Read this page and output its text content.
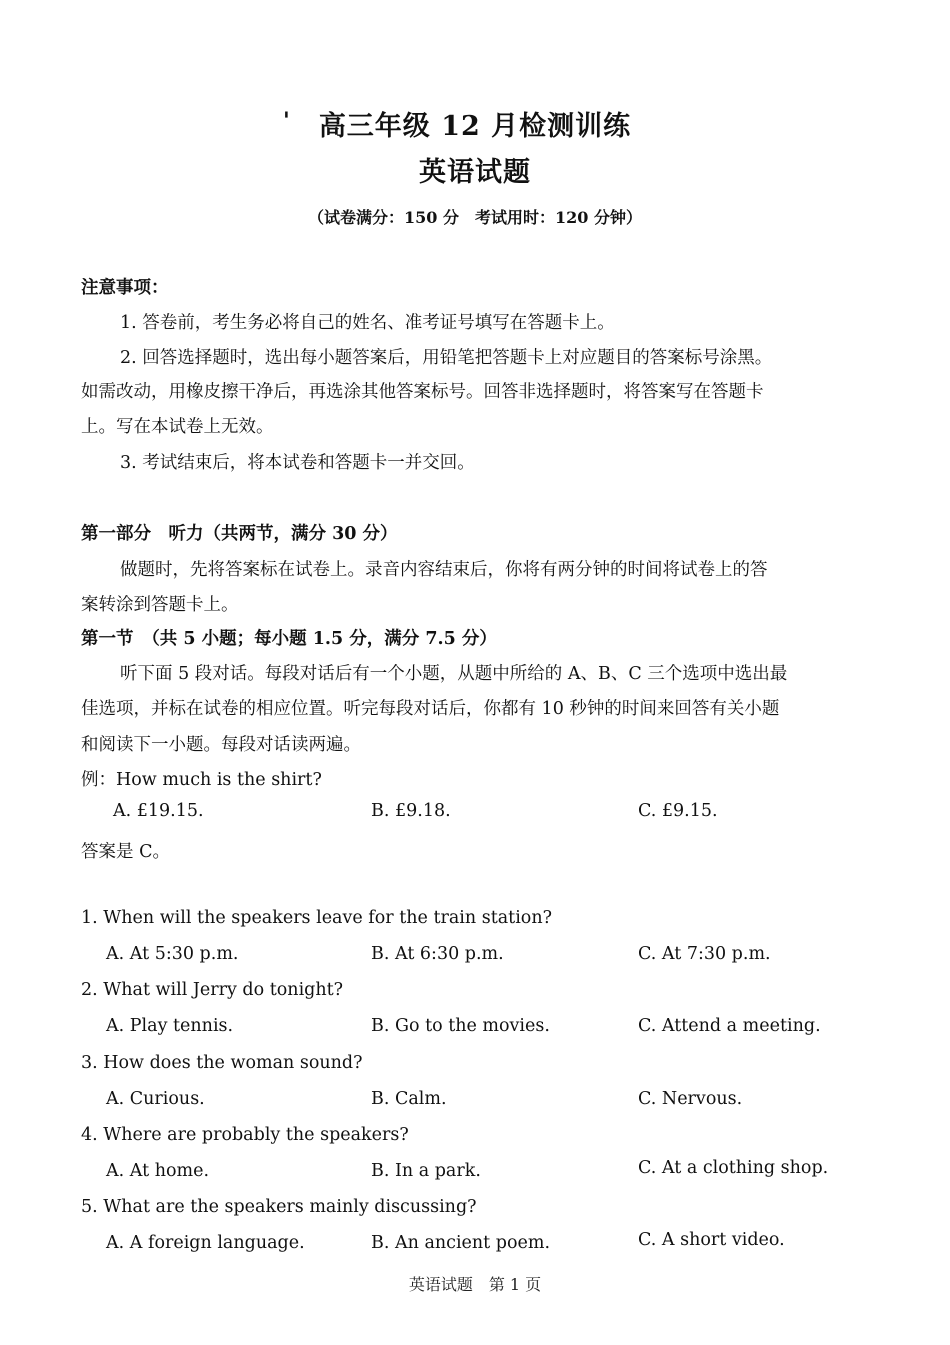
'	高三年级 12 月检测训练
英语试题
（试卷满分：150 分　考试用时：120 分钟）
注意事项：
1. 答卷前，考生务必将自己的姓名、准考证号填写在答题卡上。
2. 回答选择题时，选出每小题答案后，用铅笔把答题卡上对应题目的答案标号涂黑。
如需改动，用橡皮擦干净后，再选涂其他答案标号。回答非选择题时，将答案写在答题卡
上。写在本试卷上无效。
3. 考试结束后，将本试卷和答题卡一并交回。
第一部分　听力（共两节，满分 30 分）
做题时，先将答案标在试卷上。录音内容结束后，你将有两分钟的时间将试卷上的答
案转涂到答题卡上。
第一节　（共 5 小题；每小题 1.5 分，满分 7.5 分）
听下面 5 段对话。每段对话后有一个小题，从题中所给的 A、B、C 三个选项中选出最
佳选项，并标在试卷的相应位置。听完每段对话后，你都有 10 秒钟的时间来回答有关小题
和阅读下一小题。每段对话读两遍。
例：How much is the shirt?
A. £19.15.	B. £9.18.	C. £9.15.
答案是 C。
1. When will the speakers leave for the train station?
A. At 5:30 p.m.	B. At 6:30 p.m.	C. At 7:30 p.m.
2. What will Jerry do tonight?
A. Play tennis.	B. Go to the movies.	C. Attend a meeting.
3. How does the woman sound?
A. Curious.	B. Calm.	C. Nervous.
4. Where are probably the speakers?
A. At home.	B. In a park.	C. At a clothing shop.
5. What are the speakers mainly discussing?
A. A foreign language.	B. An ancient poem.	C. A short video.
英语试题　第 1 页
